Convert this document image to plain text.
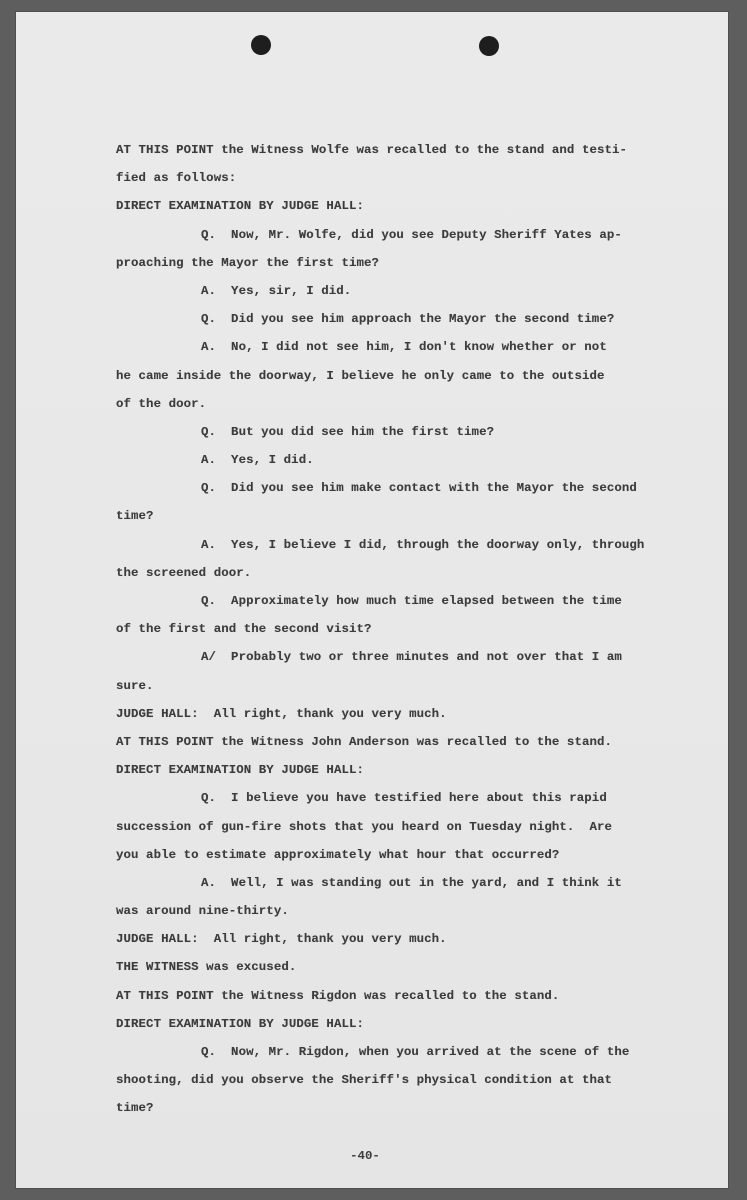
AT THIS POINT the Witness Wolfe was recalled to the stand and testi-
fied as follows:
DIRECT EXAMINATION BY JUDGE HALL:
Q.  Now, Mr. Wolfe, did you see Deputy Sheriff Yates ap-
proaching the Mayor the first time?
A.  Yes, sir, I did.
Q.  Did you see him approach the Mayor the second time?
A.  No, I did not see him, I don't know whether or not
he came inside the doorway, I believe he only came to the outside
of the door.
Q.  But you did see him the first time?
A.  Yes, I did.
Q.  Did you see him make contact with the Mayor the second
time?
A.  Yes, I believe I did, through the doorway only, through
the screened door.
Q.  Approximately how much time elapsed between the time
of the first and the second visit?
A/  Probably two or three minutes and not over that I am
sure.
JUDGE HALL:  All right, thank you very much.
AT THIS POINT the Witness John Anderson was recalled to the stand.
DIRECT EXAMINATION BY JUDGE HALL:
Q.  I believe you have testified here about this rapid
succession of gun-fire shots that you heard on Tuesday night.  Are
you able to estimate approximately what hour that occurred?
A.  Well, I was standing out in the yard, and I think it
was around nine-thirty.
JUDGE HALL:  All right, thank you very much.
THE WITNESS was excused.
AT THIS POINT the Witness Rigdon was recalled to the stand.
DIRECT EXAMINATION BY JUDGE HALL:
Q.  Now, Mr. Rigdon, when you arrived at the scene of the
shooting, did you observe the Sheriff's physical condition at that
time?
-40-
